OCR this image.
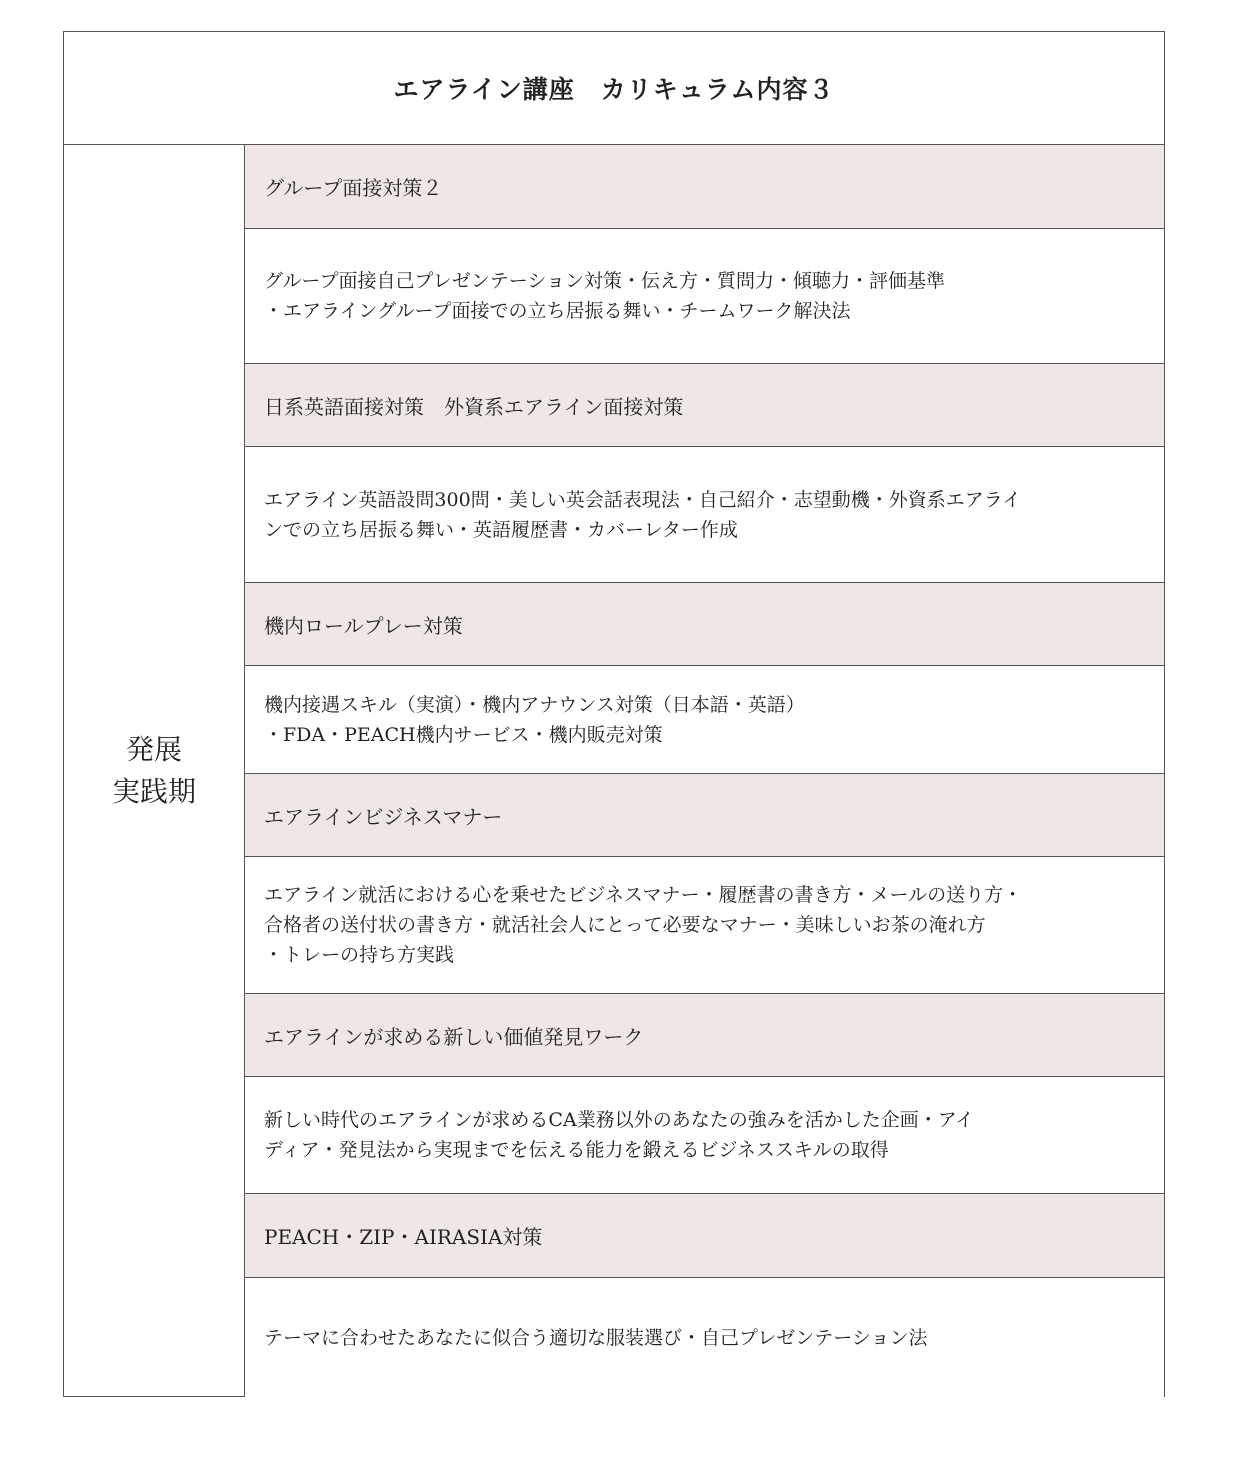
エアライン講座　カリキュラム内容３
発展
実践期
グループ面接対策２
グループ面接自己プレゼンテーション対策・伝え方・質問力・傾聴力・評価基準
・エアライングループ面接での立ち居振る舞い・チームワーク解決法
日系英語面接対策　外資系エアライン面接対策
エアライン英語設問300問・美しい英会話表現法・自己紹介・志望動機・外資系エアライ
ンでの立ち居振る舞い・英語履歴書・カバーレター作成
機内ロールプレー対策
機内接遇スキル（実演）・機内アナウンス対策（日本語・英語）
・FDA・PEACH機内サービス・機内販売対策
エアラインビジネスマナー
エアライン就活における心を乗せたビジネスマナー・履歴書の書き方・メールの送り方・
合格者の送付状の書き方・就活社会人にとって必要なマナー・美味しいお茶の淹れ方
・トレーの持ち方実践
エアラインが求める新しい価値発見ワーク
新しい時代のエアラインが求めるCA業務以外のあなたの強みを活かした企画・アイ
ディア・発見法から実現までを伝える能力を鍛えるビジネススキルの取得
PEACH・ZIP・AIRASIA対策
テーマに合わせたあなたに似合う適切な服装選び・自己プレゼンテーション法
